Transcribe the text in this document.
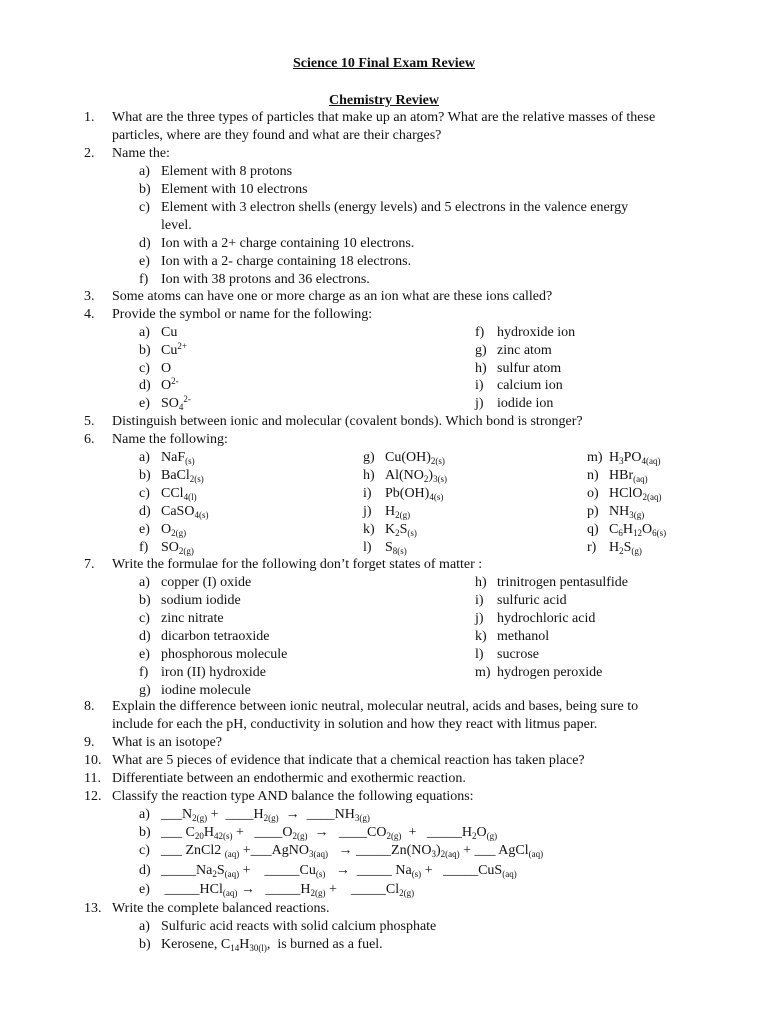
Science 10 Final Exam Review
Chemistry Review
1. What are the three types of particles that make up an atom? What are the relative masses of these
particles, where are they found and what are their charges?
2. Name the:
a) Element with 8 protons
b) Element with 10 electrons
c) Element with 3 electron shells (energy levels) and 5 electrons in the valence energy
level.
d) Ion with a 2+ charge containing 10 electrons.
e) Ion with a 2- charge containing 18 electrons.
f) Ion with 38 protons and 36 electrons.
3. Some atoms can have one or more charge as an ion what are these ions called?
4. Provide the symbol or name for the following:
a) Cu
b) $Cu^{2+}$
c) O
d) $O^{2-}$
e) $SO_4^{2-}$
f) hydroxide ion
g) zinc atom
h) sulfur atom
i) calcium ion
j) iodide ion
5. Distinguish between ionic and molecular (covalent bonds). Which bond is stronger?
6. Name the following:
a) NaF$_{(s)}$
b) BaCl$_{2(s)}$
c) CCl$_{4(l)}$
d) CaSO$_{4(s)}$
e) $O_{2(g)}$
f) $SO_{2(g)}$
g) $Cu(OH)_{2(s)}$
h) $Al(NO_2)_{3(s)}$
i) $Pb(OH)_{4(s)}$
j) $H_{2(g)}$
k) $K_2S_{(s)}$
l) $S_{8(s)}$
m) $H_3PO_{4(aq)}$
n) HBr$_{(aq)}$
o) HClO$_{2(aq)}$
p) $NH_{3(g)}$
q) $C_6H_{12}O_{6(s)}$
r) $H_2S_{(g)}$
7. Write the formulae for the following don’t forget states of matter :
a) copper (I) oxide
b) sodium iodide
c) zinc nitrate
d) dicarbon tetraoxide
e) phosphorous molecule
f) iron (II) hydroxide
g) iodine molecule
h) trinitrogen pentasulfide
i) sulfuric acid
j) hydrochloric acid
k) methanol
l) sucrose
m) hydrogen peroxide
8. Explain the difference between ionic neutral, molecular neutral, acids and bases, being sure to
include for each the pH, conductivity in solution and how they react with litmus paper.
9. What is an isotope?
10. What are 5 pieces of evidence that indicate that a chemical reaction has taken place?
11. Differentiate between an endothermic and exothermic reaction.
12. Classify the reaction type AND balance the following equations:
a) $\_\_\_N_{2(g)}$ +  $\_\_\_\_H_{2(g)}$  →  $\_\_\_\_NH_{3(g)}$
b) ___ $C_{20}H_{42(s)}$ +   $\_\_\_\_O_{2(g)}$  →   $\_\_\_\_CO_{2(g)}$  +   $\_\_\_\_\_H_2O_{(g)}$
c) ___ ZnCl2 $_{(aq)}$ +___AgNO$_{3(aq)}$   → $\_\_\_\_\_Zn(NO_3)_{2(aq)}$ + ___ AgCl$_{(aq)}$
d) $\_\_\_\_\_Na_2S_{(aq)}$ +    $\_\_\_\_\_Cu_{(s)}$   →  _____ $Na_{(s)}$ +   _____CuS$_{(aq)}$
e) _____HCl$_{(aq)}$ →   $\_\_\_\_\_H_{2(g)}$ +    $\_\_\_\_\_Cl_{2(g)}$
13. Write the complete balanced reactions.
a) Sulfuric acid reacts with solid calcium phosphate
b) Kerosene, $C_{14}H_{30(l)}$,  is burned as a fuel.
